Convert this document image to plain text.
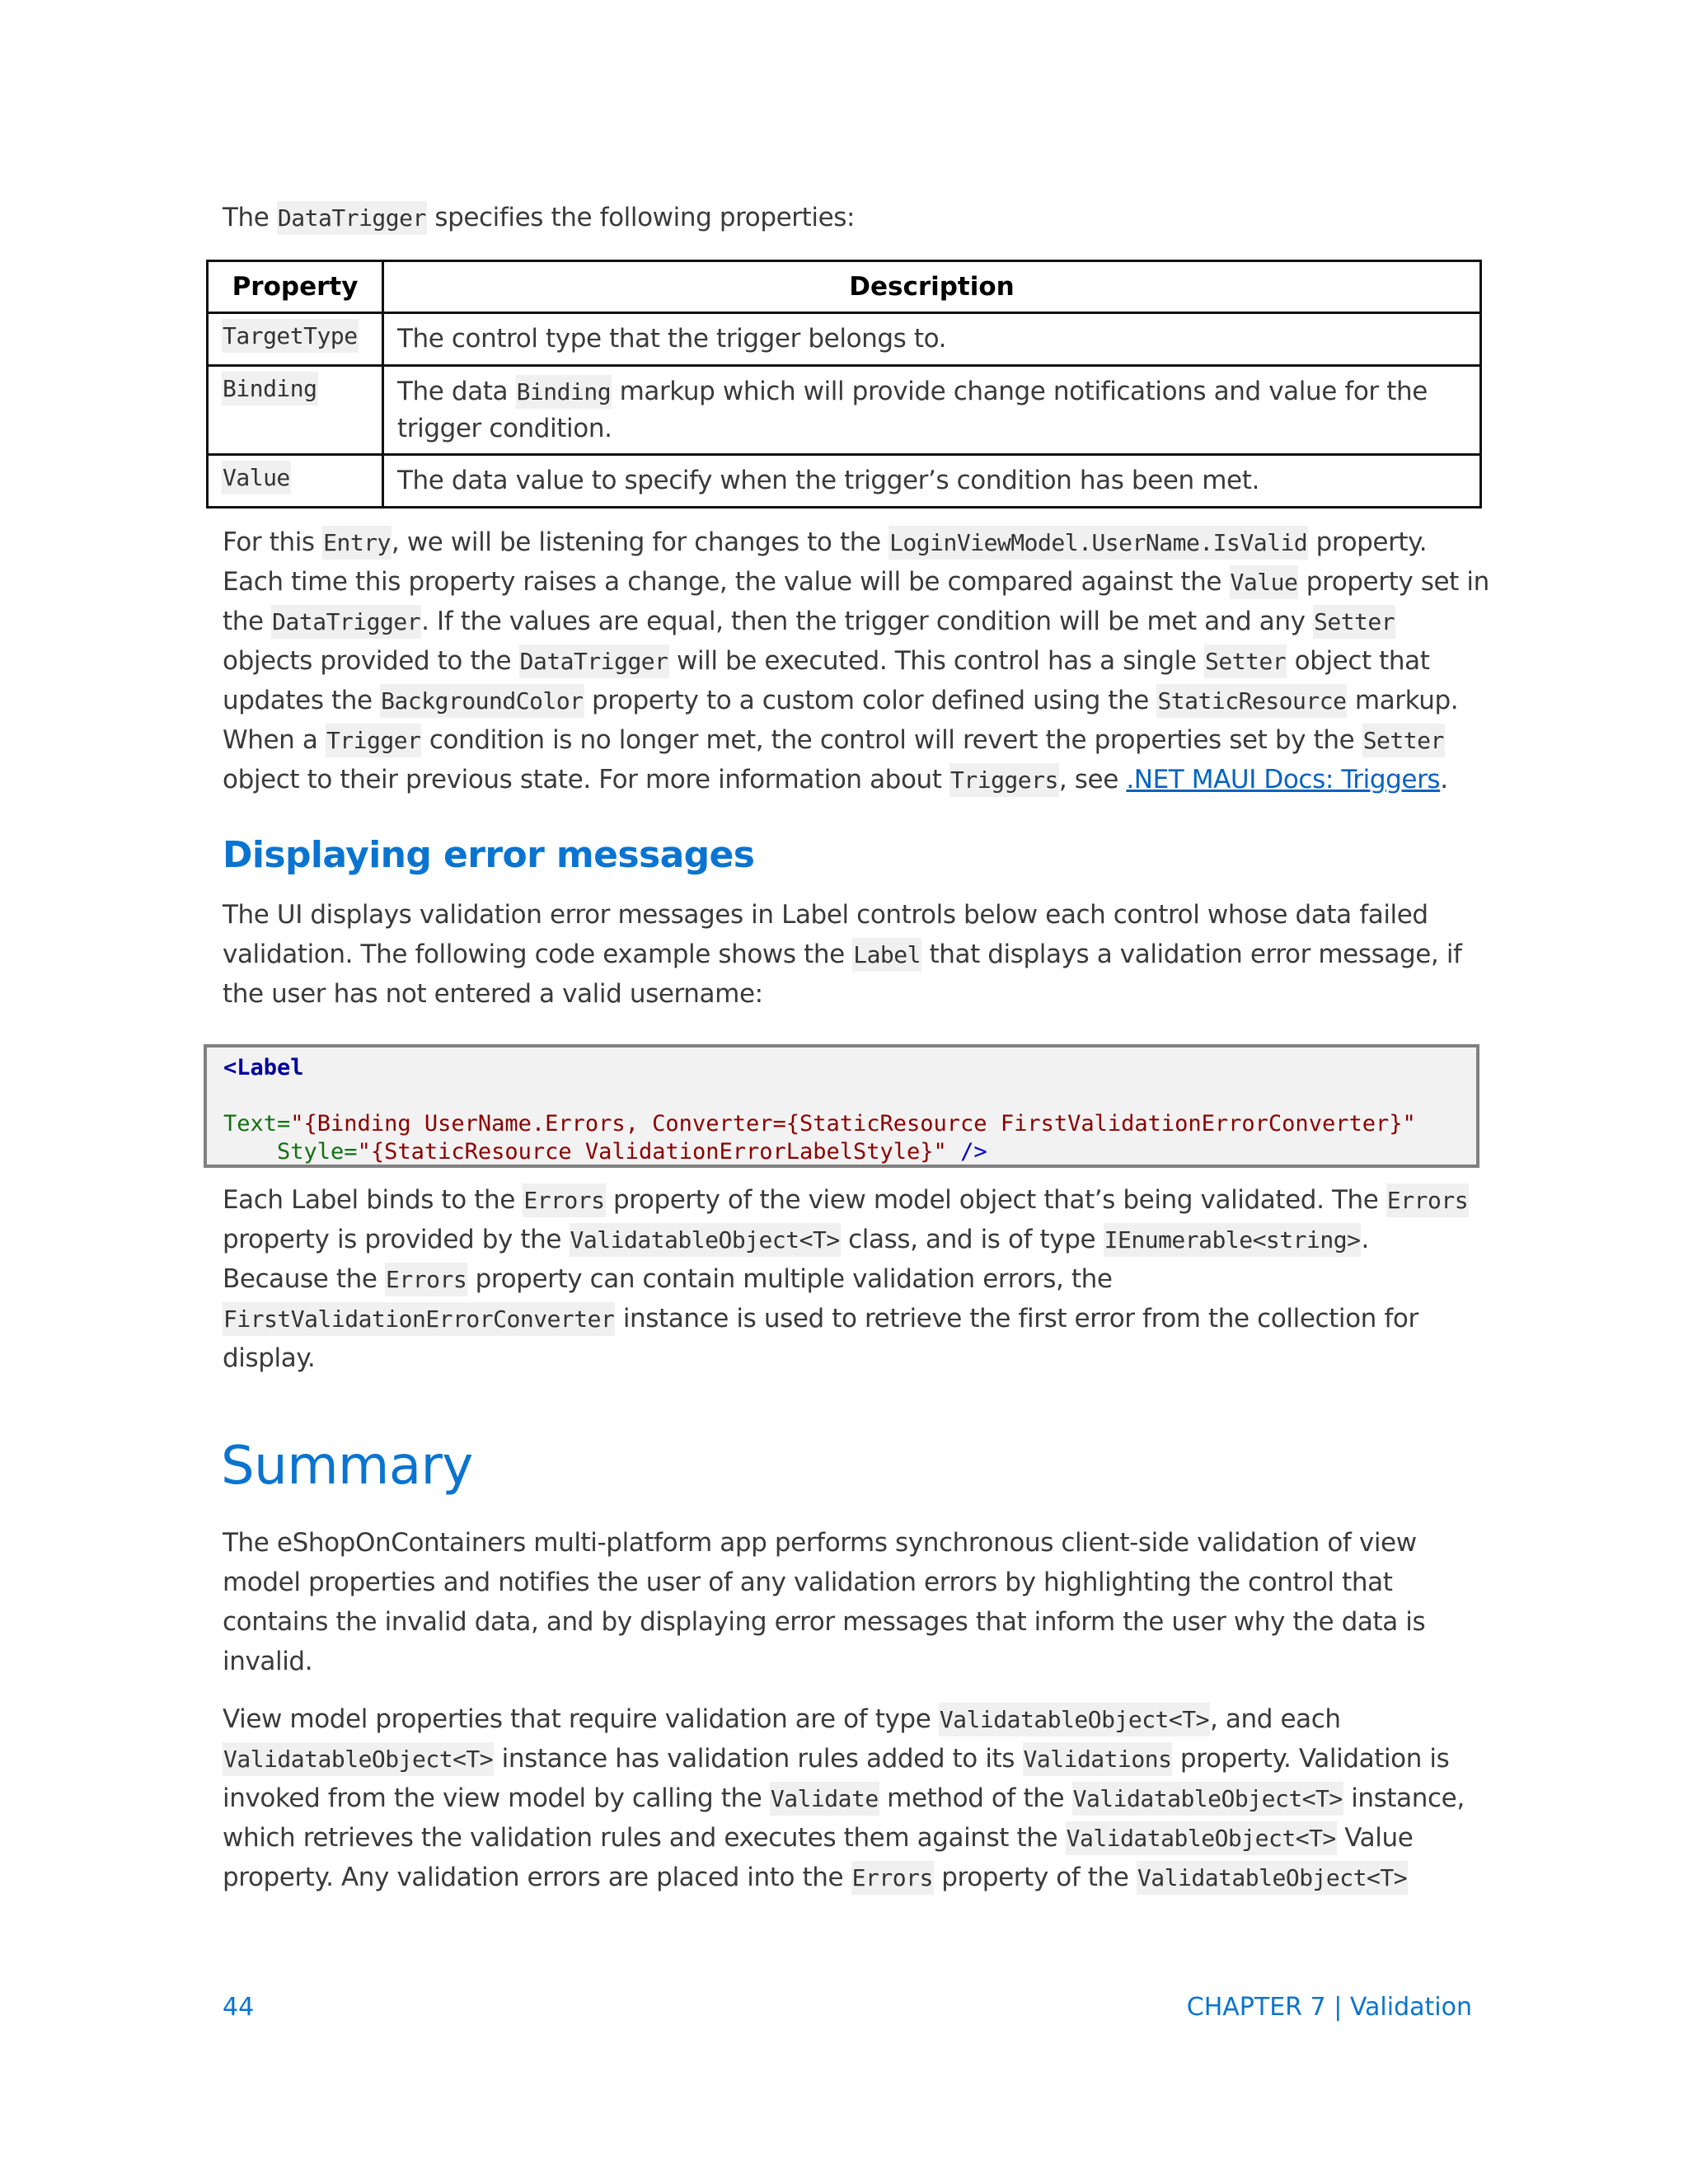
The DataTrigger specifies the following properties:
Property	Description
TargetType	The control type that the trigger belongs to.
Binding	The data Binding markup which will provide change notifications and value for the
trigger condition.
Value	The data value to specify when the trigger’s condition has been met.
For this Entry, we will be listening for changes to the LoginViewModel.UserName.IsValid property.
Each time this property raises a change, the value will be compared against the Value property set in
the DataTrigger. If the values are equal, then the trigger condition will be met and any Setter
objects provided to the DataTrigger will be executed. This control has a single Setter object that
updates the BackgroundColor property to a custom color defined using the StaticResource markup.
When a Trigger condition is no longer met, the control will revert the properties set by the Setter
object to their previous state. For more information about Triggers, see .NET MAUI Docs: Triggers.
Displaying error messages
The UI displays validation error messages in Label controls below each control whose data failed
validation. The following code example shows the Label that displays a validation error message, if
the user has not entered a valid username:
<Label

Text="{Binding UserName.Errors, Converter={StaticResource FirstValidationErrorConverter}"
Style="{StaticResource ValidationErrorLabelStyle}" />
Each Label binds to the Errors property of the view model object that’s being validated. The Errors
property is provided by the ValidatableObject<T> class, and is of type IEnumerable<string>.
Because the Errors property can contain multiple validation errors, the
FirstValidationErrorConverter instance is used to retrieve the first error from the collection for
display.
Summary
The eShopOnContainers multi-platform app performs synchronous client-side validation of view
model properties and notifies the user of any validation errors by highlighting the control that
contains the invalid data, and by displaying error messages that inform the user why the data is
invalid.
View model properties that require validation are of type ValidatableObject<T>, and each
ValidatableObject<T> instance has validation rules added to its Validations property. Validation is
invoked from the view model by calling the Validate method of the ValidatableObject<T> instance,
which retrieves the validation rules and executes them against the ValidatableObject<T> Value
property. Any validation errors are placed into the Errors property of the ValidatableObject<T>
44	CHAPTER 7 | Validation
